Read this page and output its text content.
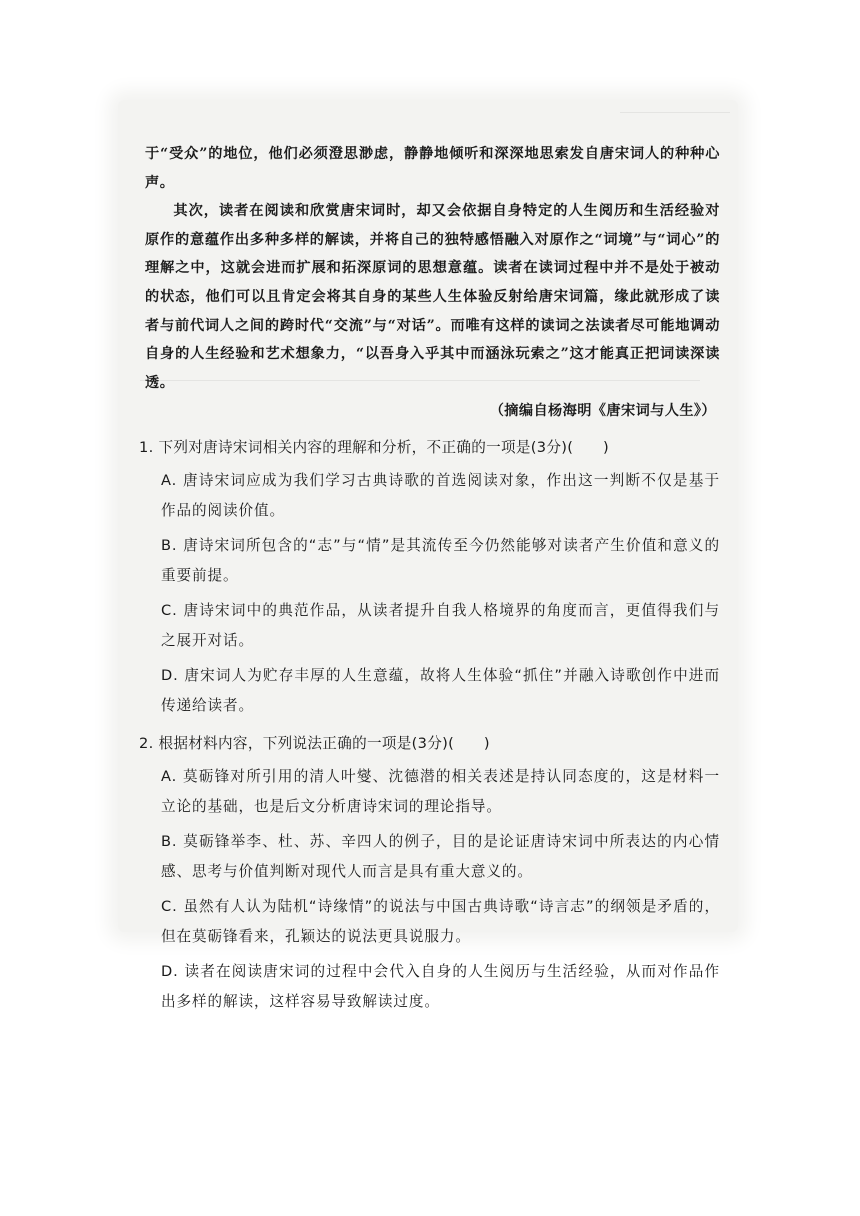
于“受众”的地位，他们必须澄思渺虑，静静地倾听和深深地思索发自唐宋词人的种种心声。

其次，读者在阅读和欣赏唐宋词时，却又会依据自身特定的人生阅历和生活经验对原作的意蕴作出多种多样的解读，并将自己的独特感悟融入对原作之“词境”与“词心”的理解之中，这就会进而扩展和拓深原词的思想意蕴。读者在读词过程中并不是处于被动的状态，他们可以且肯定会将其自身的某些人生体验反射给唐宋词篇，缘此就形成了读者与前代词人之间的跨时代“交流”与“对话”。而唯有这样的读词之法读者尽可能地调动自身的人生经验和艺术想象力，“以吾身入乎其中而涵泳玩索之”这才能真正把词读深读透。

（摘编自杨海明《唐宋词与人生》）

1. 下列对唐诗宋词相关内容的理解和分析，不正确的一项是(3分)(　　)

A. 唐诗宋词应成为我们学习古典诗歌的首选阅读对象，作出这一判断不仅是基于作品的阅读价值。

B. 唐诗宋词所包含的“志”与“情”是其流传至今仍然能够对读者产生价值和意义的重要前提。

C. 唐诗宋词中的典范作品，从读者提升自我人格境界的角度而言，更值得我们与之展开对话。

D. 唐宋词人为贮存丰厚的人生意蕴，故将人生体验“抓住”并融入诗歌创作中进而传递给读者。

2. 根据材料内容，下列说法正确的一项是(3分)(　　)

A. 莫砺锋对所引用的清人叶燮、沈德潜的相关表述是持认同态度的，这是材料一立论的基础，也是后文分析唐诗宋词的理论指导。

B. 莫砺锋举李、杜、苏、辛四人的例子，目的是论证唐诗宋词中所表达的内心情感、思考与价值判断对现代人而言是具有重大意义的。

C. 虽然有人认为陆机“诗缘情”的说法与中国古典诗歌“诗言志”的纲领是矛盾的，但在莫砺锋看来，孔颖达的说法更具说服力。

D. 读者在阅读唐宋词的过程中会代入自身的人生阅历与生活经验，从而对作品作出多样的解读，这样容易导致解读过度。
